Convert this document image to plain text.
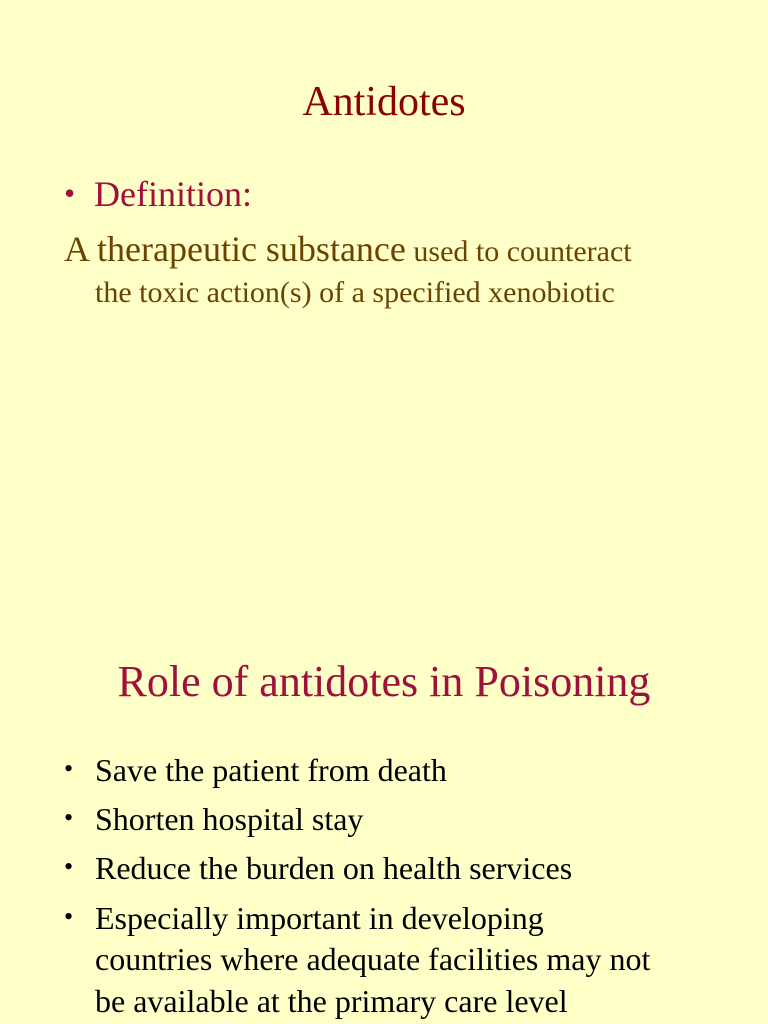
Antidotes
• Definition:
A therapeutic substance used to counteract
the toxic action(s) of a specified xenobiotic
Role of antidotes in Poisoning
• Save the patient from death
• Shorten hospital stay
• Reduce the burden on health services
• Especially important in developing
countries where adequate facilities may not
be available at the primary care level
